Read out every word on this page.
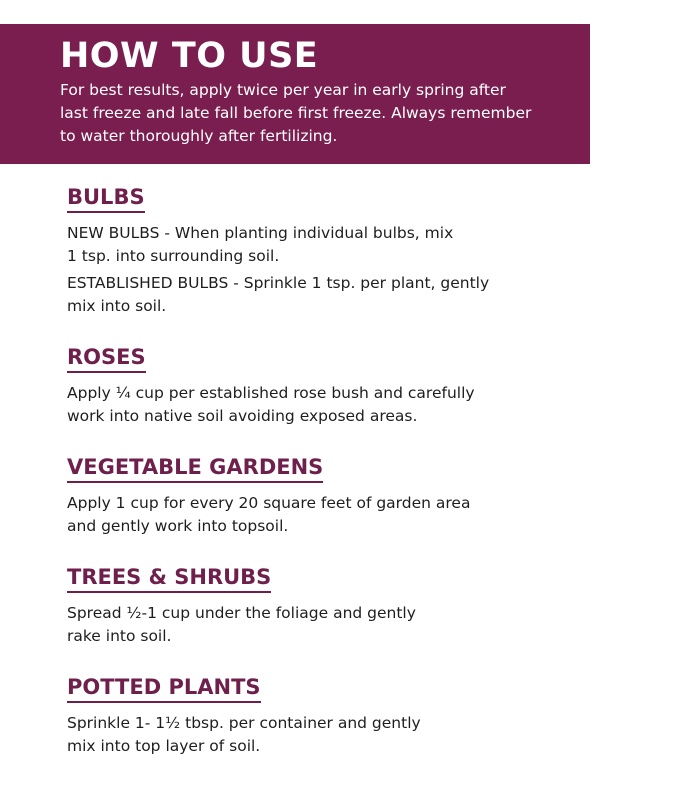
HOW TO USE

For best results, apply twice per year in early spring after
last freeze and late fall before first freeze. Always remember
to water thoroughly after fertilizing.

BULBS

NEW BULBS - When planting individual bulbs, mix
1 tsp. into surrounding soil.

ESTABLISHED BULBS - Sprinkle 1 tsp. per plant, gently
mix into soil.

ROSES

Apply ¼ cup per established rose bush and carefully
work into native soil avoiding exposed areas.

VEGETABLE GARDENS

Apply 1 cup for every 20 square feet of garden area
and gently work into topsoil.

TREES & SHRUBS

Spread ½-1 cup under the foliage and gently
rake into soil.

POTTED PLANTS

Sprinkle 1- 1½ tbsp. per container and gently
mix into top layer of soil.
